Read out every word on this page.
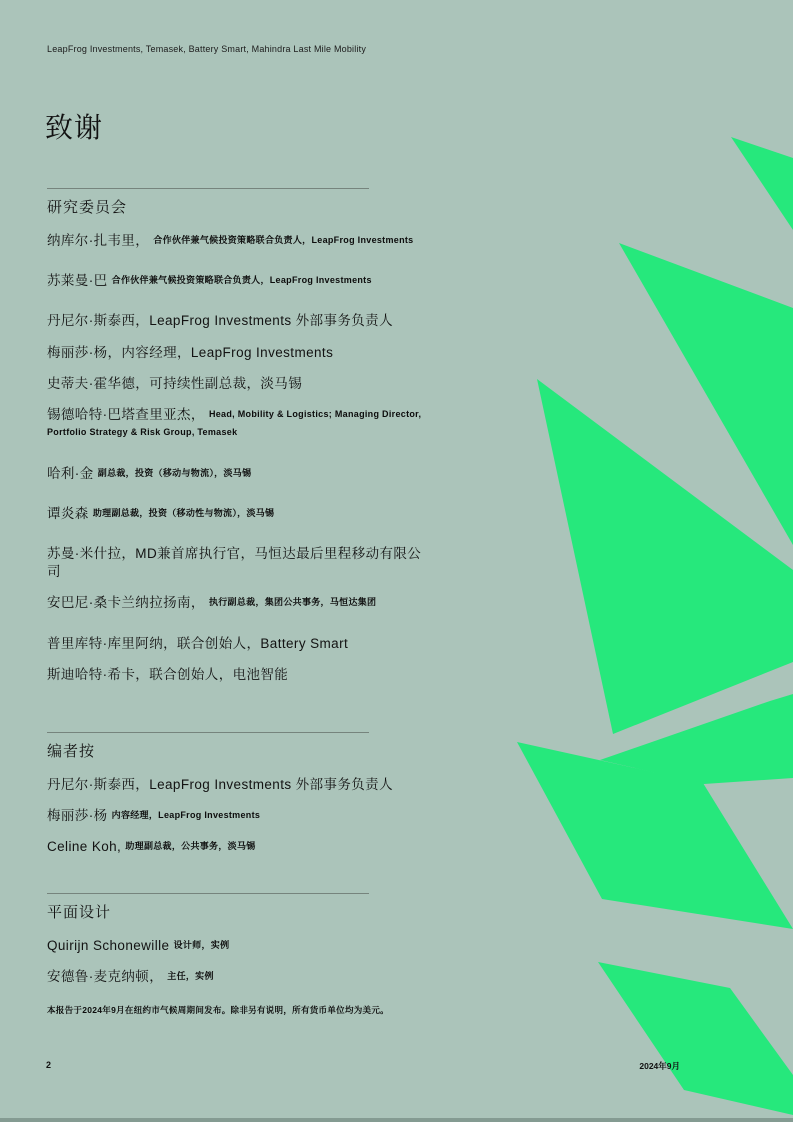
LeapFrog Investments, Temasek, Battery Smart, Mahindra Last Mile Mobility
致谢
研究委员会

纳库尔·扎韦里， 合作伙伴兼气候投资策略联合负责人，LeapFrog Investments

苏莱曼·巴 合作伙伴兼气候投资策略联合负责人，LeapFrog Investments

丹尼尔·斯泰西，LeapFrog Investments 外部事务负责人

梅丽莎·杨，内容经理，LeapFrog Investments

史蒂夫·霍华德，可持续性副总裁，淡马锡

锡德哈特·巴塔查里亚杰， Head, Mobility & Logistics; Managing Director, Portfolio Strategy & Risk Group, Temasek

哈利·金 副总裁，投资（移动与物流），淡马锡

谭炎森 助理副总裁，投资（移动性与物流），淡马锡

苏曼·米什拉，MD兼首席执行官，马恒达最后里程移动有限公司

安巴尼·桑卡兰纳拉扬南， 执行副总裁，集团公共事务，马恒达集团

普里库特·库里阿纳，联合创始人，Battery Smart

斯迪哈特·希卡，联合创始人，电池智能

编者按

丹尼尔·斯泰西，LeapFrog Investments 外部事务负责人

梅丽莎·杨 内容经理，LeapFrog Investments

Celine Koh, 助理副总裁，公共事务，淡马锡

平面设计

Quirijn Schonewille 设计师，实例

安德鲁·麦克纳顿， 主任，实例

本报告于2024年9月在纽约市气候周期间发布。除非另有说明，所有货币单位均为美元。
2	2024年9月
